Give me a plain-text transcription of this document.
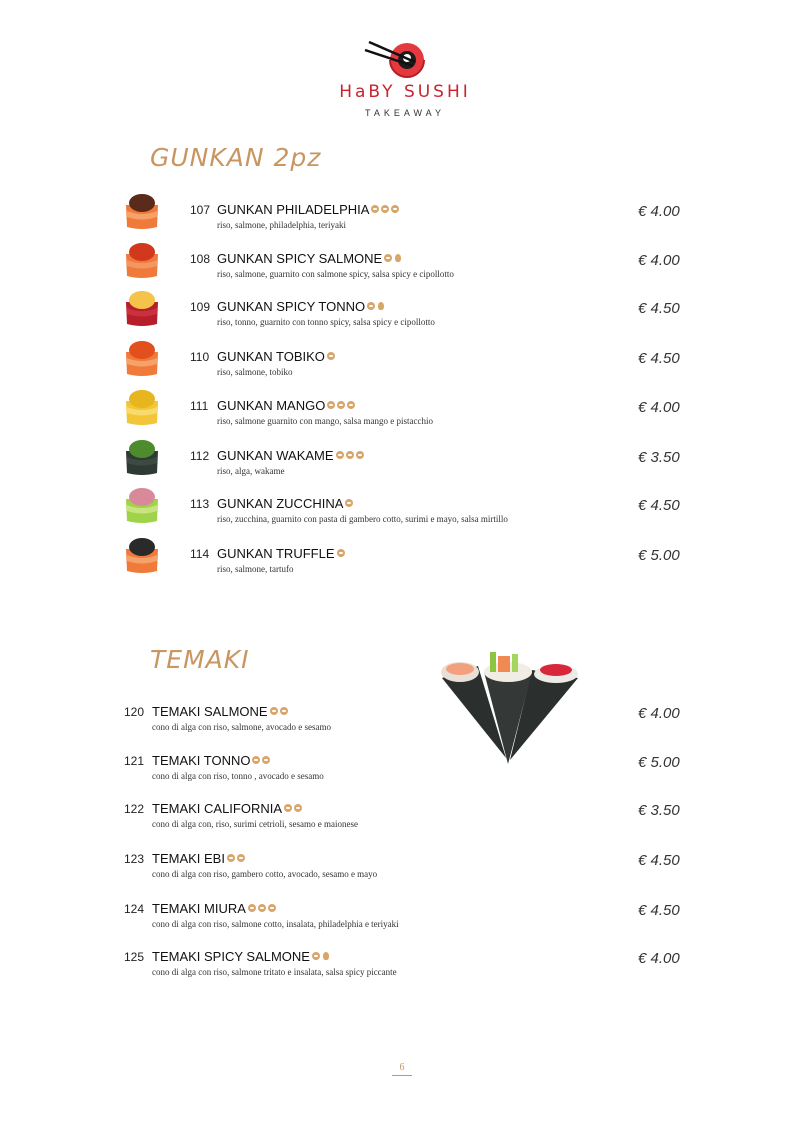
HaBY SUSHI
TAKEAWAY
GUNKAN 2pz
TEMAKI
107 GUNKAN PHILADELPHIA
riso, salmone, philadelphia, teriyaki
€ 4.00
108 GUNKAN SPICY SALMONE
riso, salmone, guarnito con salmone spicy, salsa spicy e cipollotto
€ 4.00
109 GUNKAN SPICY TONNO
riso, tonno, guarnito con tonno spicy, salsa spicy e cipollotto
€ 4.50
110 GUNKAN TOBIKO
riso, salmone, tobiko
€ 4.50
111 GUNKAN MANGO
riso, salmone guarnito con mango, salsa mango e pistacchio
€ 4.00
112 GUNKAN WAKAME
riso, alga, wakame
€ 3.50
113 GUNKAN ZUCCHINA
riso, zucchina, guarnito con pasta di gambero cotto, surimi e mayo, salsa mirtillo
€ 4.50
114 GUNKAN TRUFFLE
riso, salmone, tartufo
€ 5.00
120 TEMAKI SALMONE
cono di alga con riso, salmone, avocado e sesamo
€ 4.00
121 TEMAKI TONNO
cono di alga con riso, tonno , avocado e sesamo
€ 5.00
122 TEMAKI CALIFORNIA
cono di alga con, riso, surimi cetrioli, sesamo e maionese
€ 3.50
123 TEMAKI EBI
cono di alga con riso, gambero cotto, avocado, sesamo e mayo
€ 4.50
124 TEMAKI MIURA
cono di alga con riso, salmone cotto, insalata, philadelphia e teriyaki
€ 4.50
125 TEMAKI SPICY SALMONE
cono di alga con riso, salmone tritato e insalata, salsa spicy piccante
€ 4.00
6
